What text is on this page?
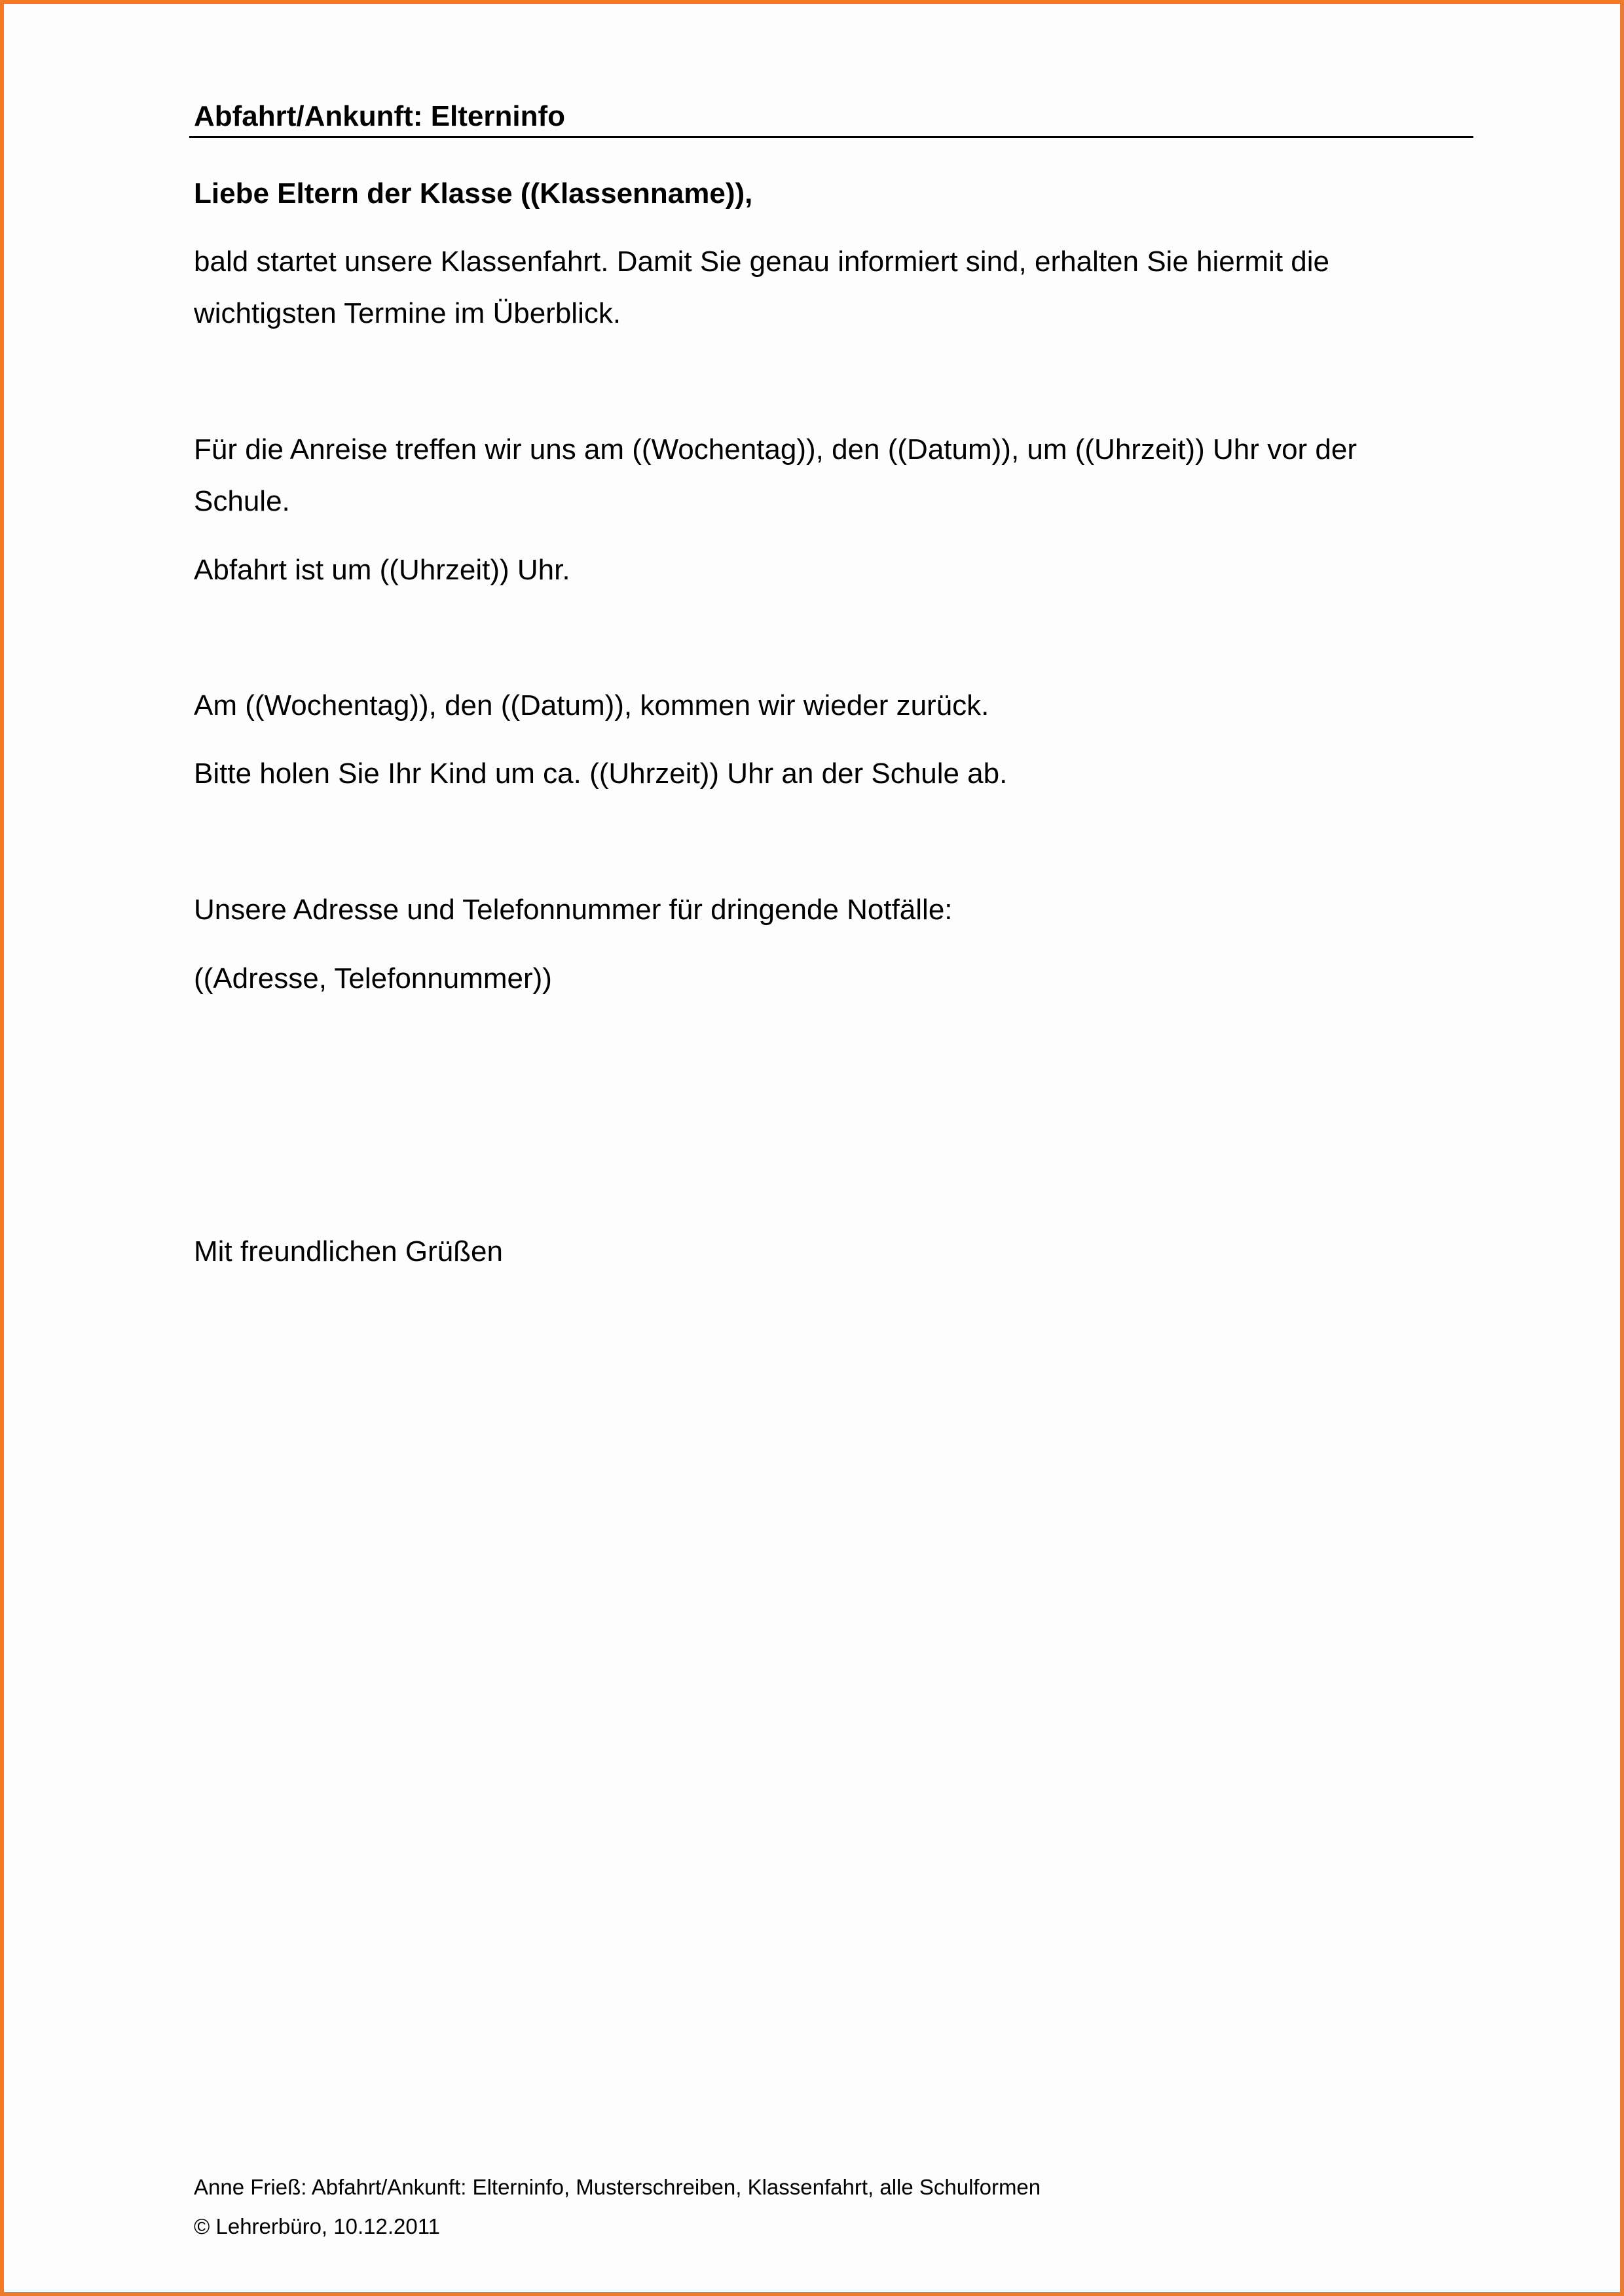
Abfahrt/Ankunft: Elterninfo
Liebe Eltern der Klasse ((Klassenname)),
bald startet unsere Klassenfahrt. Damit Sie genau informiert sind, erhalten Sie hiermit die
wichtigsten Termine im Überblick.
Für die Anreise treffen wir uns am ((Wochentag)), den ((Datum)), um ((Uhrzeit)) Uhr vor der
Schule.
Abfahrt ist um ((Uhrzeit)) Uhr.
Am ((Wochentag)), den ((Datum)), kommen wir wieder zurück.
Bitte holen Sie Ihr Kind um ca. ((Uhrzeit)) Uhr an der Schule ab.
Unsere Adresse und Telefonnummer für dringende Notfälle:
((Adresse, Telefonnummer))
Mit freundlichen Grüßen
Anne Frieß: Abfahrt/Ankunft: Elterninfo, Musterschreiben, Klassenfahrt, alle Schulformen
© Lehrerbüro, 10.12.2011
